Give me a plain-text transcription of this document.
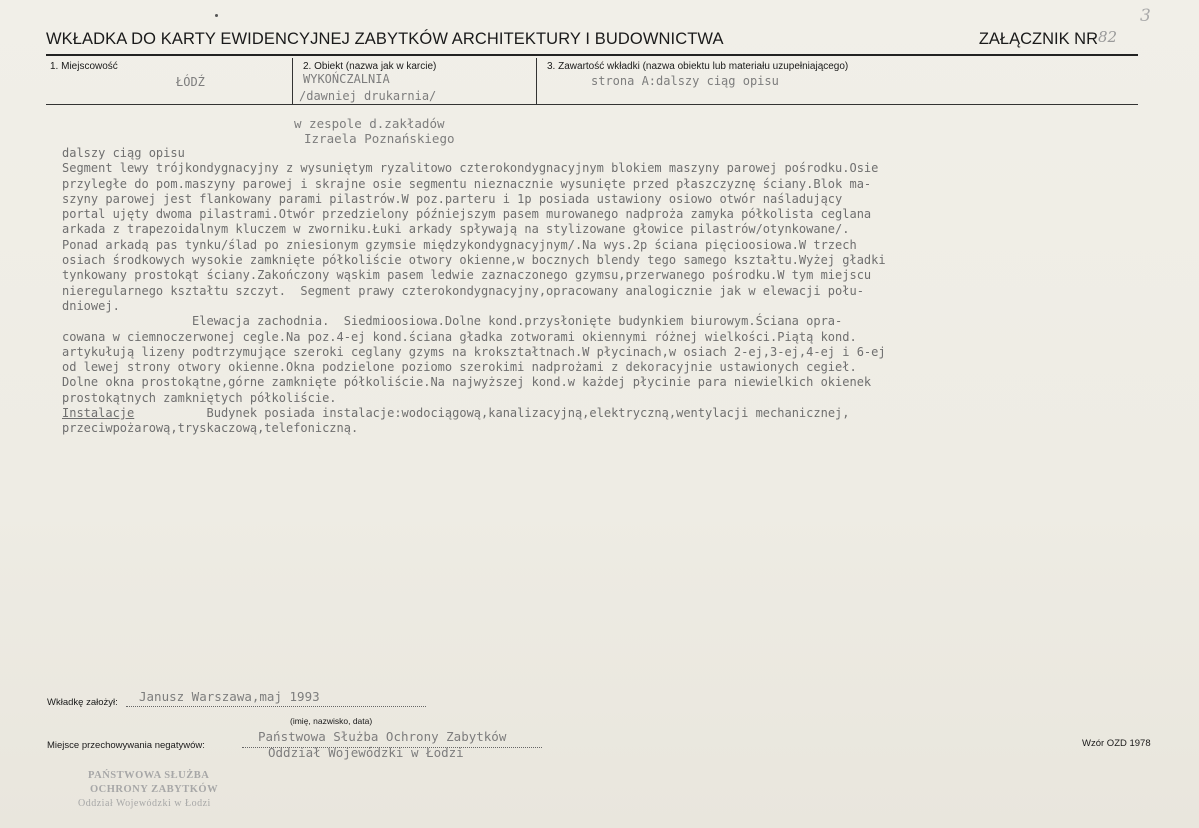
3
WKŁADKA DO KARTY EWIDENCYJNEJ ZABYTKÓW ARCHITEKTURY I BUDOWNICTWA	ZAŁĄCZNIK NR 82
1. Miejscowość
ŁÓDŹ
2. Obiekt (nazwa jak w karcie)
WYKOŃCZALNIA
/dawniej drukarnia/
3. Zawartość wkładki (nazwa obiektu lub materiału uzupełniającego)
strona A:dalszy ciąg opisu
w zespole d.zakładów
Izraela Poznańskiego
dalszy ciąg opisu
Segment lewy trójkondygnacyjny z wysuniętym ryzalitowo czterokondygnacyjnym blokiem maszyny parowej pośrodku.Osie
przyległe do pom.maszyny parowej i skrajne osie segmentu nieznacznie wysunięte przed płaszczyznę ściany.Blok ma-
szyny parowej jest flankowany parami pilastrów.W poz.parteru i 1p posiada ustawiony osiowo otwór naśladujący
portal ujęty dwoma pilastrami.Otwór przedzielony późniejszym pasem murowanego nadproża zamyka półkolista ceglana
arkada z trapezoidalnym kluczem w zworniku.Łuki arkady spływają na stylizowane głowice pilastrów/otynkowane/.
Ponad arkadą pas tynku/ślad po zniesionym gzymsie międzykondygnacyjnym/.Na wys.2p ściana pięcioosiowa.W trzech
osiach środkowych wysokie zamknięte półkoliście otwory okienne,w bocznych blendy tego samego kształtu.Wyżej gładki
tynkowany prostokąt ściany.Zakończony wąskim pasem ledwie zaznaczonego gzymsu,przerwanego pośrodku.W tym miejscu
nieregularnego kształtu szczyt.  Segment prawy czterokondygnacyjny,opracowany analogicznie jak w elewacji połu-
dniowej.
Elewacja zachodnia.  Siedmioosiowa.Dolne kond.przysłonięte budynkiem biurowym.Ściana opra-
cowana w ciemnoczerwonej cegle.Na poz.4-ej kond.ściana gładka zotworami okiennymi różnej wielkości.Piątą kond.
artykułują lizeny podtrzymujące szeroki ceglany gzyms na krokształtnach.W płycinach,w osiach 2-ej,3-ej,4-ej i 6-ej
od lewej strony otwory okienne.Okna podzielone poziomo szerokimi nadprożami z dekoracyjnie ustawionych cegieł.
Dolne okna prostokątne,górne zamknięte półkoliście.Na najwyższej kond.w każdej płycinie para niewielkich okienek
prostokątnych zamkniętych półkoliście.
Instalacje          Budynek posiada instalacje:wodociągową,kanalizacyjną,elektryczną,wentylacji mechanicznej,
przeciwpożarową,tryskaczową,telefoniczną.
Wkładkę założył: Janusz Warszawa,maj 1993
(imię, nazwisko, data)
Miejsce przechowywania negatywów:
Państwowa Służba Ochrony Zabytków
Oddział Wojewódzki w Łodzi
Wzór OZD 1978
PAŃSTWOWA SŁUŻBA
OCHRONY ZABYTKÓW
Oddział Wojewódzki w Łodzi
